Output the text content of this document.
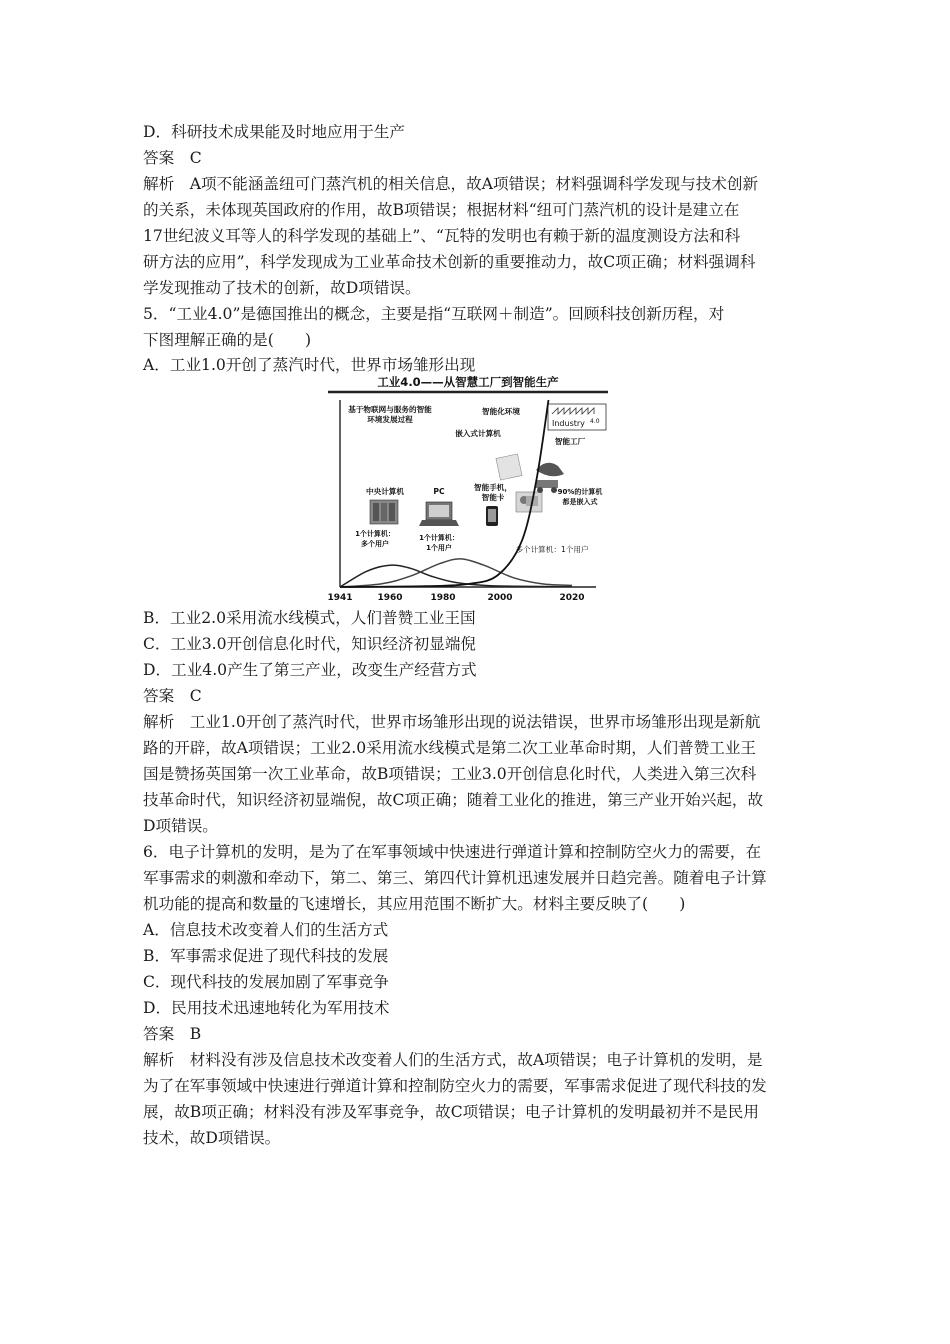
D．科研技术成果能及时地应用于生产
答案　C
解析　A项不能涵盖纽可门蒸汽机的相关信息，故A项错误；材料强调科学发现与技术创新
的关系，未体现英国政府的作用，故B项错误；根据材料“纽可门蒸汽机的设计是建立在
17世纪波义耳等人的科学发现的基础上”、“瓦特的发明也有赖于新的温度测设方法和科
研方法的应用”，科学发现成为工业革命技术创新的重要推动力，故C项正确；材料强调科
学发现推动了技术的创新，故D项错误。
5．“工业4.0”是德国推出的概念，主要是指“互联网＋制造”。回顾科技创新历程，对
下图理解正确的是(　　)
A．工业1.0开创了蒸汽时代，世界市场雏形出现
B．工业2.0采用流水线模式，人们普赞工业王国
C．工业3.0开创信息化时代，知识经济初显端倪
D．工业4.0产生了第三产业，改变生产经营方式
答案　C
解析　工业1.0开创了蒸汽时代，世界市场雏形出现的说法错误，世界市场雏形出现是新航
路的开辟，故A项错误；工业2.0采用流水线模式是第二次工业革命时期，人们普赞工业王
国是赞扬英国第一次工业革命，故B项错误；工业3.0开创信息化时代，人类进入第三次科
技革命时代，知识经济初显端倪，故C项正确；随着工业化的推进，第三产业开始兴起，故
D项错误。
6．电子计算机的发明，是为了在军事领域中快速进行弹道计算和控制防空火力的需要，在
军事需求的刺激和牵动下，第二、第三、第四代计算机迅速发展并日趋完善。随着电子计算
机功能的提高和数量的飞速增长，其应用范围不断扩大。材料主要反映了(　　)
A．信息技术改变着人们的生活方式
B．军事需求促进了现代科技的发展
C．现代科技的发展加剧了军事竞争
D．民用技术迅速地转化为军用技术
答案　B
解析　材料没有涉及信息技术改变着人们的生活方式，故A项错误；电子计算机的发明，是
为了在军事领域中快速进行弹道计算和控制防空火力的需要，军事需求促进了现代科技的发
展，故B项正确；材料没有涉及军事竞争，故C项错误；电子计算机的发明最初并不是民用
技术，故D项错误。
工业4.0——从智慧工厂到智能生产
基于物联网与服务的智能
环境发展过程
智能化环境
嵌入式计算机
Industry 4.0
智能工厂
中央计算机
1个计算机：
多个用户
PC
1个计算机：
1个用户
智能手机，
智能卡
90%的计算机
都是嵌入式
多个计算机：1个用户
1941	1960	1980	2000	2020
